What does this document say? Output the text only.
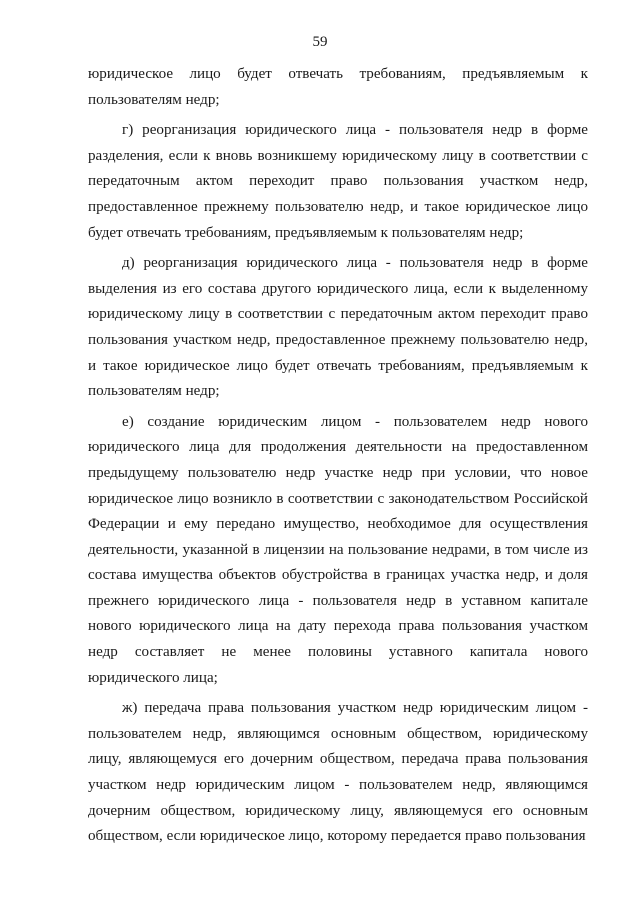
59

юридическое лицо будет отвечать требованиям, предъявляемым к пользователям недр;

г) реорганизация юридического лица - пользователя недр в форме разделения, если к вновь возникшему юридическому лицу в соответствии с передаточным актом переходит право пользования участком недр, предоставленное прежнему пользователю недр, и такое юридическое лицо будет отвечать требованиям, предъявляемым к пользователям недр;

д) реорганизация юридического лица - пользователя недр в форме выделения из его состава другого юридического лица, если к выделенному юридическому лицу в соответствии с передаточным актом переходит право пользования участком недр, предоставленное прежнему пользователю недр, и такое юридическое лицо будет отвечать требованиям, предъявляемым к пользователям недр;

е) создание юридическим лицом - пользователем недр нового юридического лица для продолжения деятельности на предоставленном предыдущему пользователю недр участке недр при условии, что новое юридическое лицо возникло в соответствии с законодательством Российской Федерации и ему передано имущество, необходимое для осуществления деятельности, указанной в лицензии на пользование недрами, в том числе из состава имущества объектов обустройства в границах участка недр, и доля прежнего юридического лица - пользователя недр в уставном капитале нового юридического лица на дату перехода права пользования участком недр составляет не менее половины уставного капитала нового юридического лица;

ж) передача права пользования участком недр юридическим лицом - пользователем недр, являющимся основным обществом, юридическому лицу, являющемуся его дочерним обществом, передача права пользования участком недр юридическим лицом - пользователем недр, являющимся дочерним обществом, юридическому лицу, являющемуся его основным обществом, если юридическое лицо, которому передается право пользования
